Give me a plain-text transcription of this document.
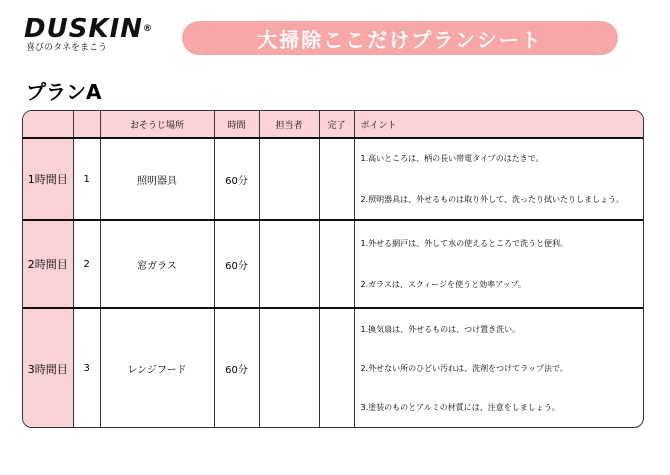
DUSKIN®
喜びのタネをまこう	大掃除ここだけプランシート
プランA
		おそうじ場所	時間	担当者	完了	ポイント
1時間目	1	照明器具	60分			1.高いところは、柄の長い帯電タイプのはたきで。
2.照明器具は、外せるものは取り外して、洗ったり拭いたりしましょう。

2時間目	2	窓ガラス	60分			1.外せる網戸は、外して水の使えるところで洗うと便利。
2.ガラスは、スクィージを使うと効率アップ。

3時間目	3	レンジフード	60分			1.換気扇は、外せるものは、つけ置き洗い。
2.外せない所のひどい汚れは、洗剤をつけてラップ法で。
3.塗装のものとアルミの材質には、注意をしましょう。
